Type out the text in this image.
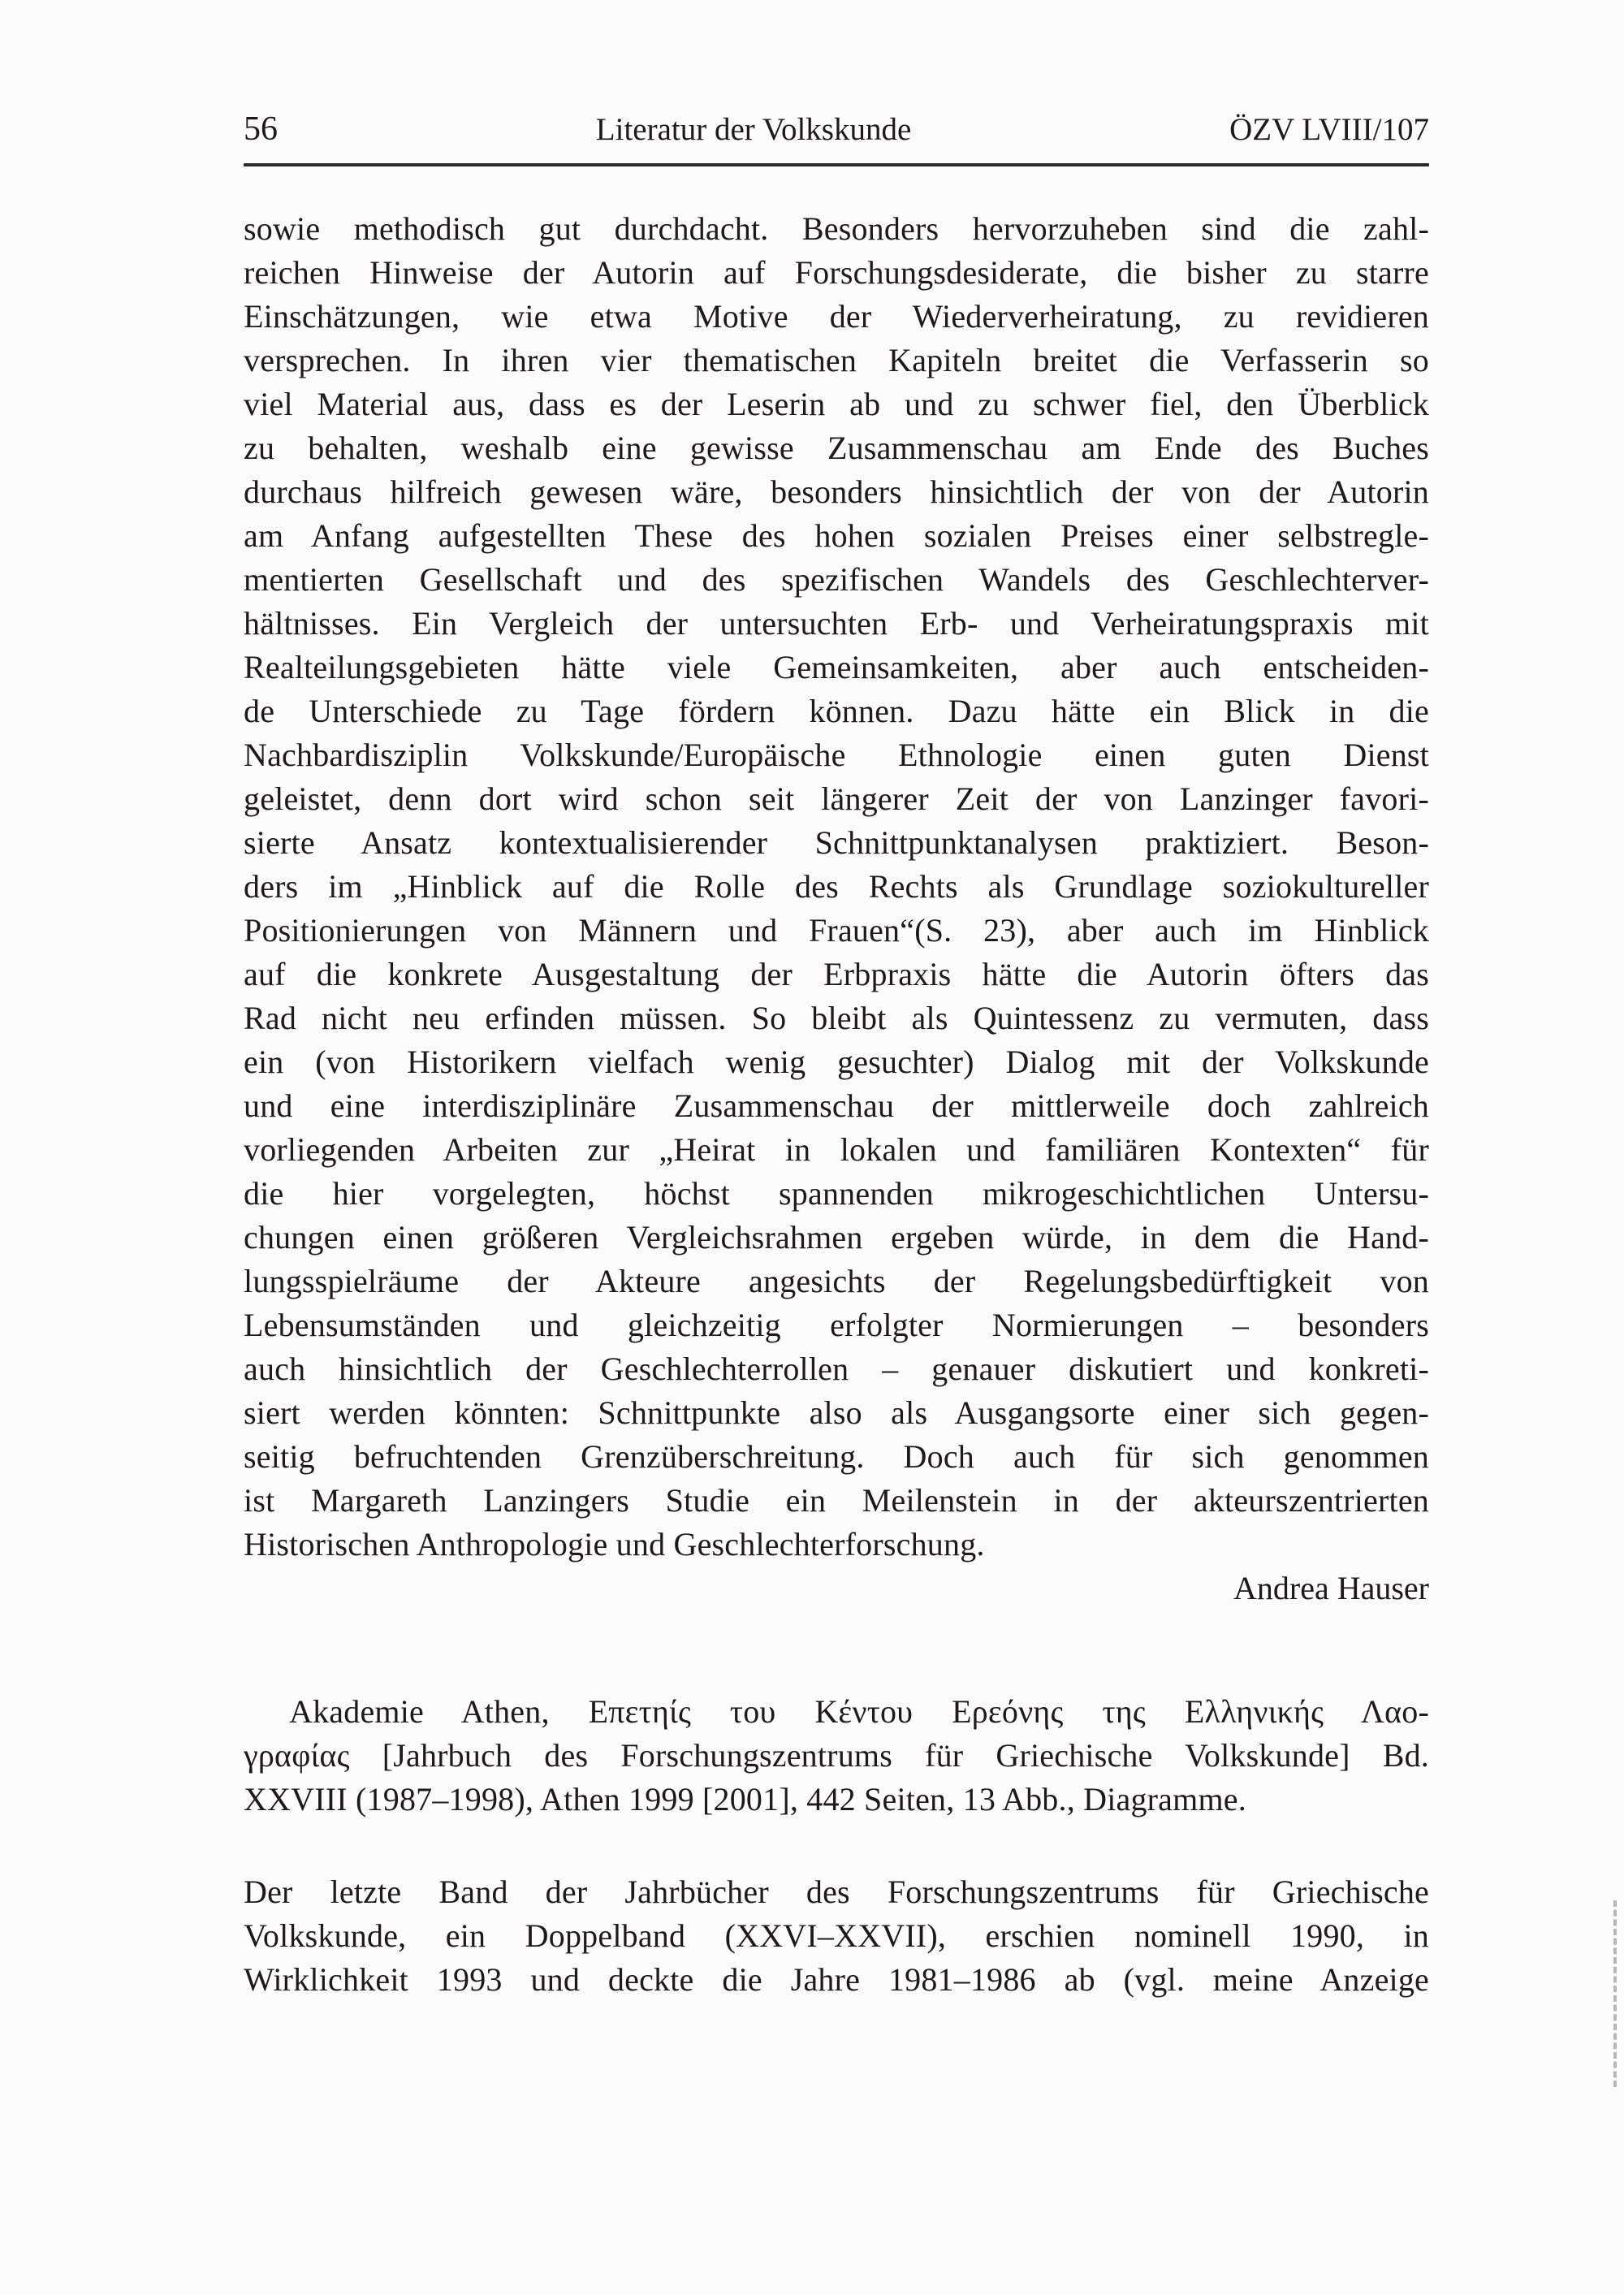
56	Literatur der Volkskunde	ÖZV LVIII/107
sowie methodisch gut durchdacht. Besonders hervorzuheben sind die zahl-
reichen Hinweise der Autorin auf Forschungsdesiderate, die bisher zu starre
Einschätzungen, wie etwa Motive der Wiederverheiratung, zu revidieren
versprechen. In ihren vier thematischen Kapiteln breitet die Verfasserin so
viel Material aus, dass es der Leserin ab und zu schwer fiel, den Überblick
zu behalten, weshalb eine gewisse Zusammenschau am Ende des Buches
durchaus hilfreich gewesen wäre, besonders hinsichtlich der von der Autorin
am Anfang aufgestellten These des hohen sozialen Preises einer selbstregle-
mentierten Gesellschaft und des spezifischen Wandels des Geschlechterver-
hältnisses. Ein Vergleich der untersuchten Erb- und Verheiratungspraxis mit
Realteilungsgebieten hätte viele Gemeinsamkeiten, aber auch entscheiden-
de Unterschiede zu Tage fördern können. Dazu hätte ein Blick in die
Nachbardisziplin Volkskunde/Europäische Ethnologie einen guten Dienst
geleistet, denn dort wird schon seit längerer Zeit der von Lanzinger favori-
sierte Ansatz kontextualisierender Schnittpunktanalysen praktiziert. Beson-
ders im „Hinblick auf die Rolle des Rechts als Grundlage soziokultureller
Positionierungen von Männern und Frauen“(S. 23), aber auch im Hinblick
auf die konkrete Ausgestaltung der Erbpraxis hätte die Autorin öfters das
Rad nicht neu erfinden müssen. So bleibt als Quintessenz zu vermuten, dass
ein (von Historikern vielfach wenig gesuchter) Dialog mit der Volkskunde
und eine interdisziplinäre Zusammenschau der mittlerweile doch zahlreich
vorliegenden Arbeiten zur „Heirat in lokalen und familiären Kontexten“ für
die hier vorgelegten, höchst spannenden mikrogeschichtlichen Untersu-
chungen einen größeren Vergleichsrahmen ergeben würde, in dem die Hand-
lungsspielräume der Akteure angesichts der Regelungsbedürftigkeit von
Lebensumständen und gleichzeitig erfolgter Normierungen – besonders
auch hinsichtlich der Geschlechterrollen – genauer diskutiert und konkreti-
siert werden könnten: Schnittpunkte also als Ausgangsorte einer sich gegen-
seitig befruchtenden Grenzüberschreitung. Doch auch für sich genommen
ist Margareth Lanzingers Studie ein Meilenstein in der akteurszentrierten
Historischen Anthropologie und Geschlechterforschung.
Andrea Hauser
Akademie Athen, Επετηίς του Κέντου Ερεόνης της Ελληνικής Λαο-
γραφίας [Jahrbuch des Forschungszentrums für Griechische Volkskunde] Bd.
XXVIII (1987–1998), Athen 1999 [2001], 442 Seiten, 13 Abb., Diagramme.
Der letzte Band der Jahrbücher des Forschungszentrums für Griechische
Volkskunde, ein Doppelband (XXVI–XXVII), erschien nominell 1990, in
Wirklichkeit 1993 und deckte die Jahre 1981–1986 ab (vgl. meine Anzeige
